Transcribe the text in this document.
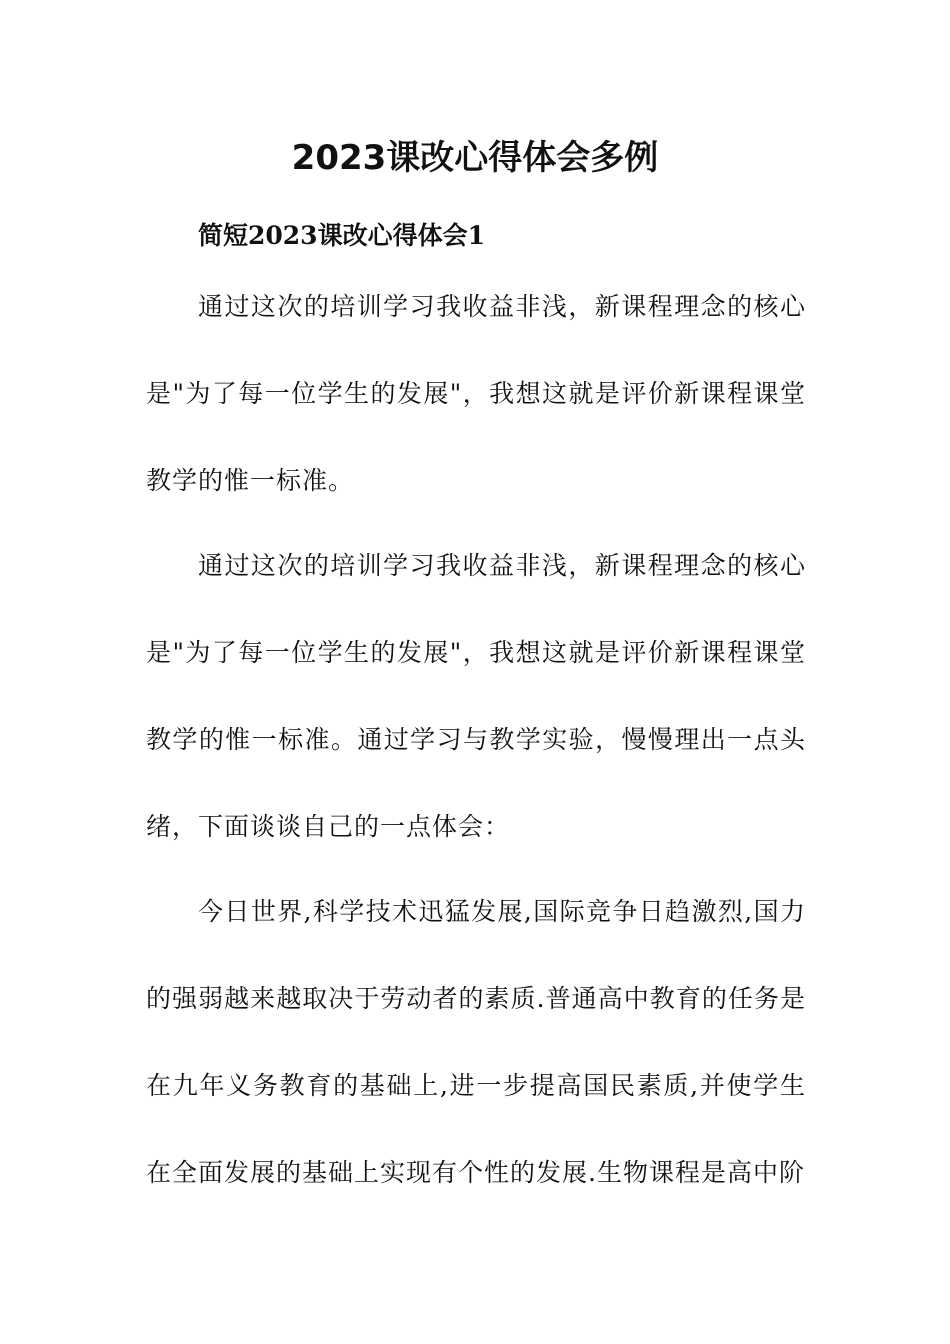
2023课改心得体会多例
简短2023课改心得体会1

通过这次的培训学习我收益非浅，新课程理念的核心是"为了每一位学生的发展"，我想这就是评价新课程课堂教学的惟一标准。

通过这次的培训学习我收益非浅，新课程理念的核心是"为了每一位学生的发展"，我想这就是评价新课程课堂教学的惟一标准。通过学习与教学实验，慢慢理出一点头绪，下面谈谈自己的一点体会：

今日世界,科学技术迅猛发展,国际竞争日趋激烈,国力的强弱越来越取决于劳动者的素质.普通高中教育的任务是在九年义务教育的基础上,进一步提高国民素质,并使学生在全面发展的基础上实现有个性的发展.生物课程是高中阶
